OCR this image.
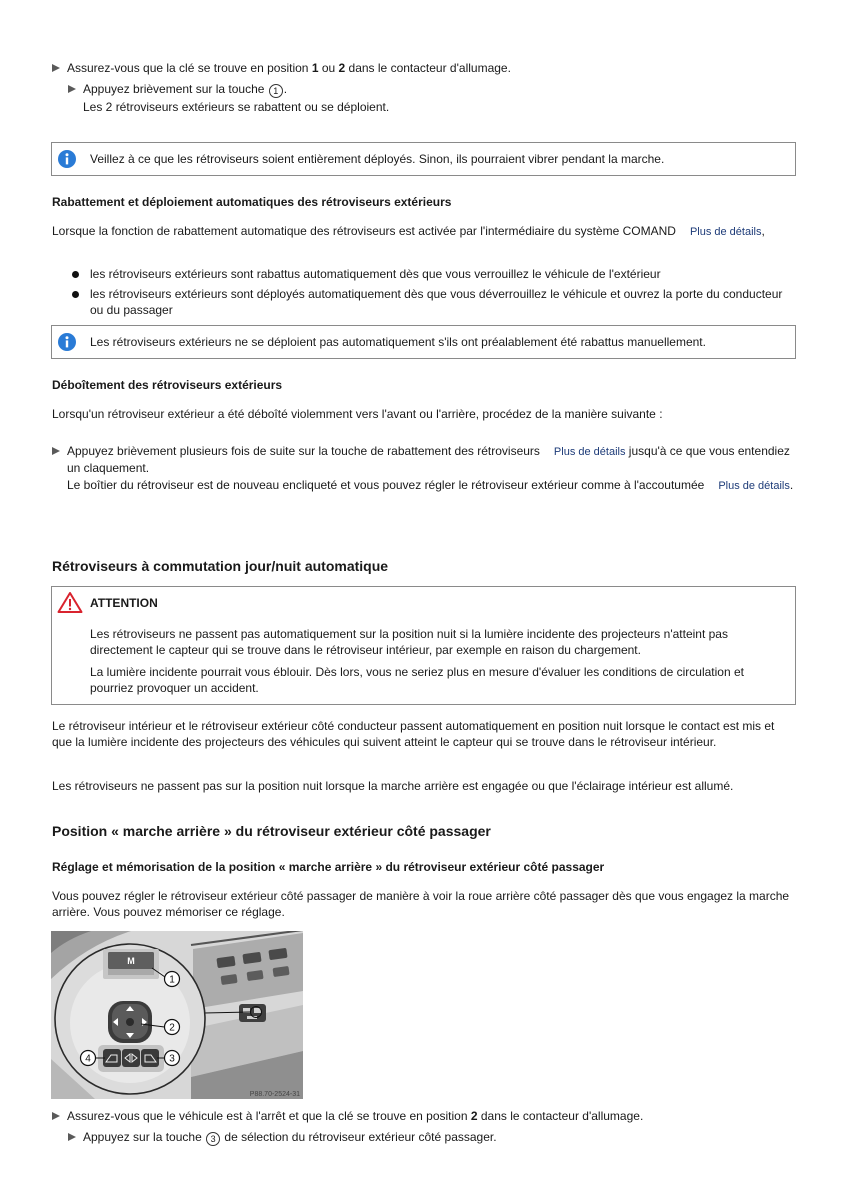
Assurez-vous que la clé se trouve en position 1 ou 2 dans le contacteur d'allumage.
Appuyez brièvement sur la touche 1 .
Les 2 rétroviseurs extérieurs se rabattent ou se déploient.
Veillez à ce que les rétroviseurs soient entièrement déployés. Sinon, ils pourraient vibrer pendant la marche.
Rabattement et déploiement automatiques des rétroviseurs extérieurs
Lorsque la fonction de rabattement automatique des rétroviseurs est activée par l'intermédiaire du système COMAND Plus de détails,
les rétroviseurs extérieurs sont rabattus automatiquement dès que vous verrouillez le véhicule de l'extérieur
les rétroviseurs extérieurs sont déployés automatiquement dès que vous déverrouillez le véhicule et ouvrez la porte du conducteur ou du passager
Les rétroviseurs extérieurs ne se déploient pas automatiquement s'ils ont préalablement été rabattus manuellement.
Déboîtement des rétroviseurs extérieurs
Lorsqu'un rétroviseur extérieur a été déboîté violemment vers l'avant ou l'arrière, procédez de la manière suivante :
Appuyez brièvement plusieurs fois de suite sur la touche de rabattement des rétroviseurs Plus de détails jusqu'à ce que vous entendiez un claquement.
Le boîtier du rétroviseur est de nouveau encliqueté et vous pouvez régler le rétroviseur extérieur comme à l'accoutumée Plus de détails.
Rétroviseurs à commutation jour/nuit automatique
ATTENTION
Les rétroviseurs ne passent pas automatiquement sur la position nuit si la lumière incidente des projecteurs n'atteint pas directement le capteur qui se trouve dans le rétroviseur intérieur, par exemple en raison du chargement.
La lumière incidente pourrait vous éblouir. Dès lors, vous ne seriez plus en mesure d'évaluer les conditions de circulation et pourriez provoquer un accident.
Le rétroviseur intérieur et le rétroviseur extérieur côté conducteur passent automatiquement en position nuit lorsque le contact est mis et que la lumière incidente des projecteurs des véhicules qui suivent atteint le capteur qui se trouve dans le rétroviseur intérieur.
Les rétroviseurs ne passent pas sur la position nuit lorsque la marche arrière est engagée ou que l'éclairage intérieur est allumé.
Position « marche arrière » du rétroviseur extérieur côté passager
Réglage et mémorisation de la position « marche arrière » du rétroviseur extérieur côté passager
Vous pouvez régler le rétroviseur extérieur côté passager de manière à voir la roue arrière côté passager dès que vous engagez la marche arrière. Vous pouvez mémoriser ce réglage.
M
1
2
3
4
P88.70-2524-31
Assurez-vous que le véhicule est à l'arrêt et que la clé se trouve en position 2 dans le contacteur d'allumage.
Appuyez sur la touche 3 de sélection du rétroviseur extérieur côté passager.
